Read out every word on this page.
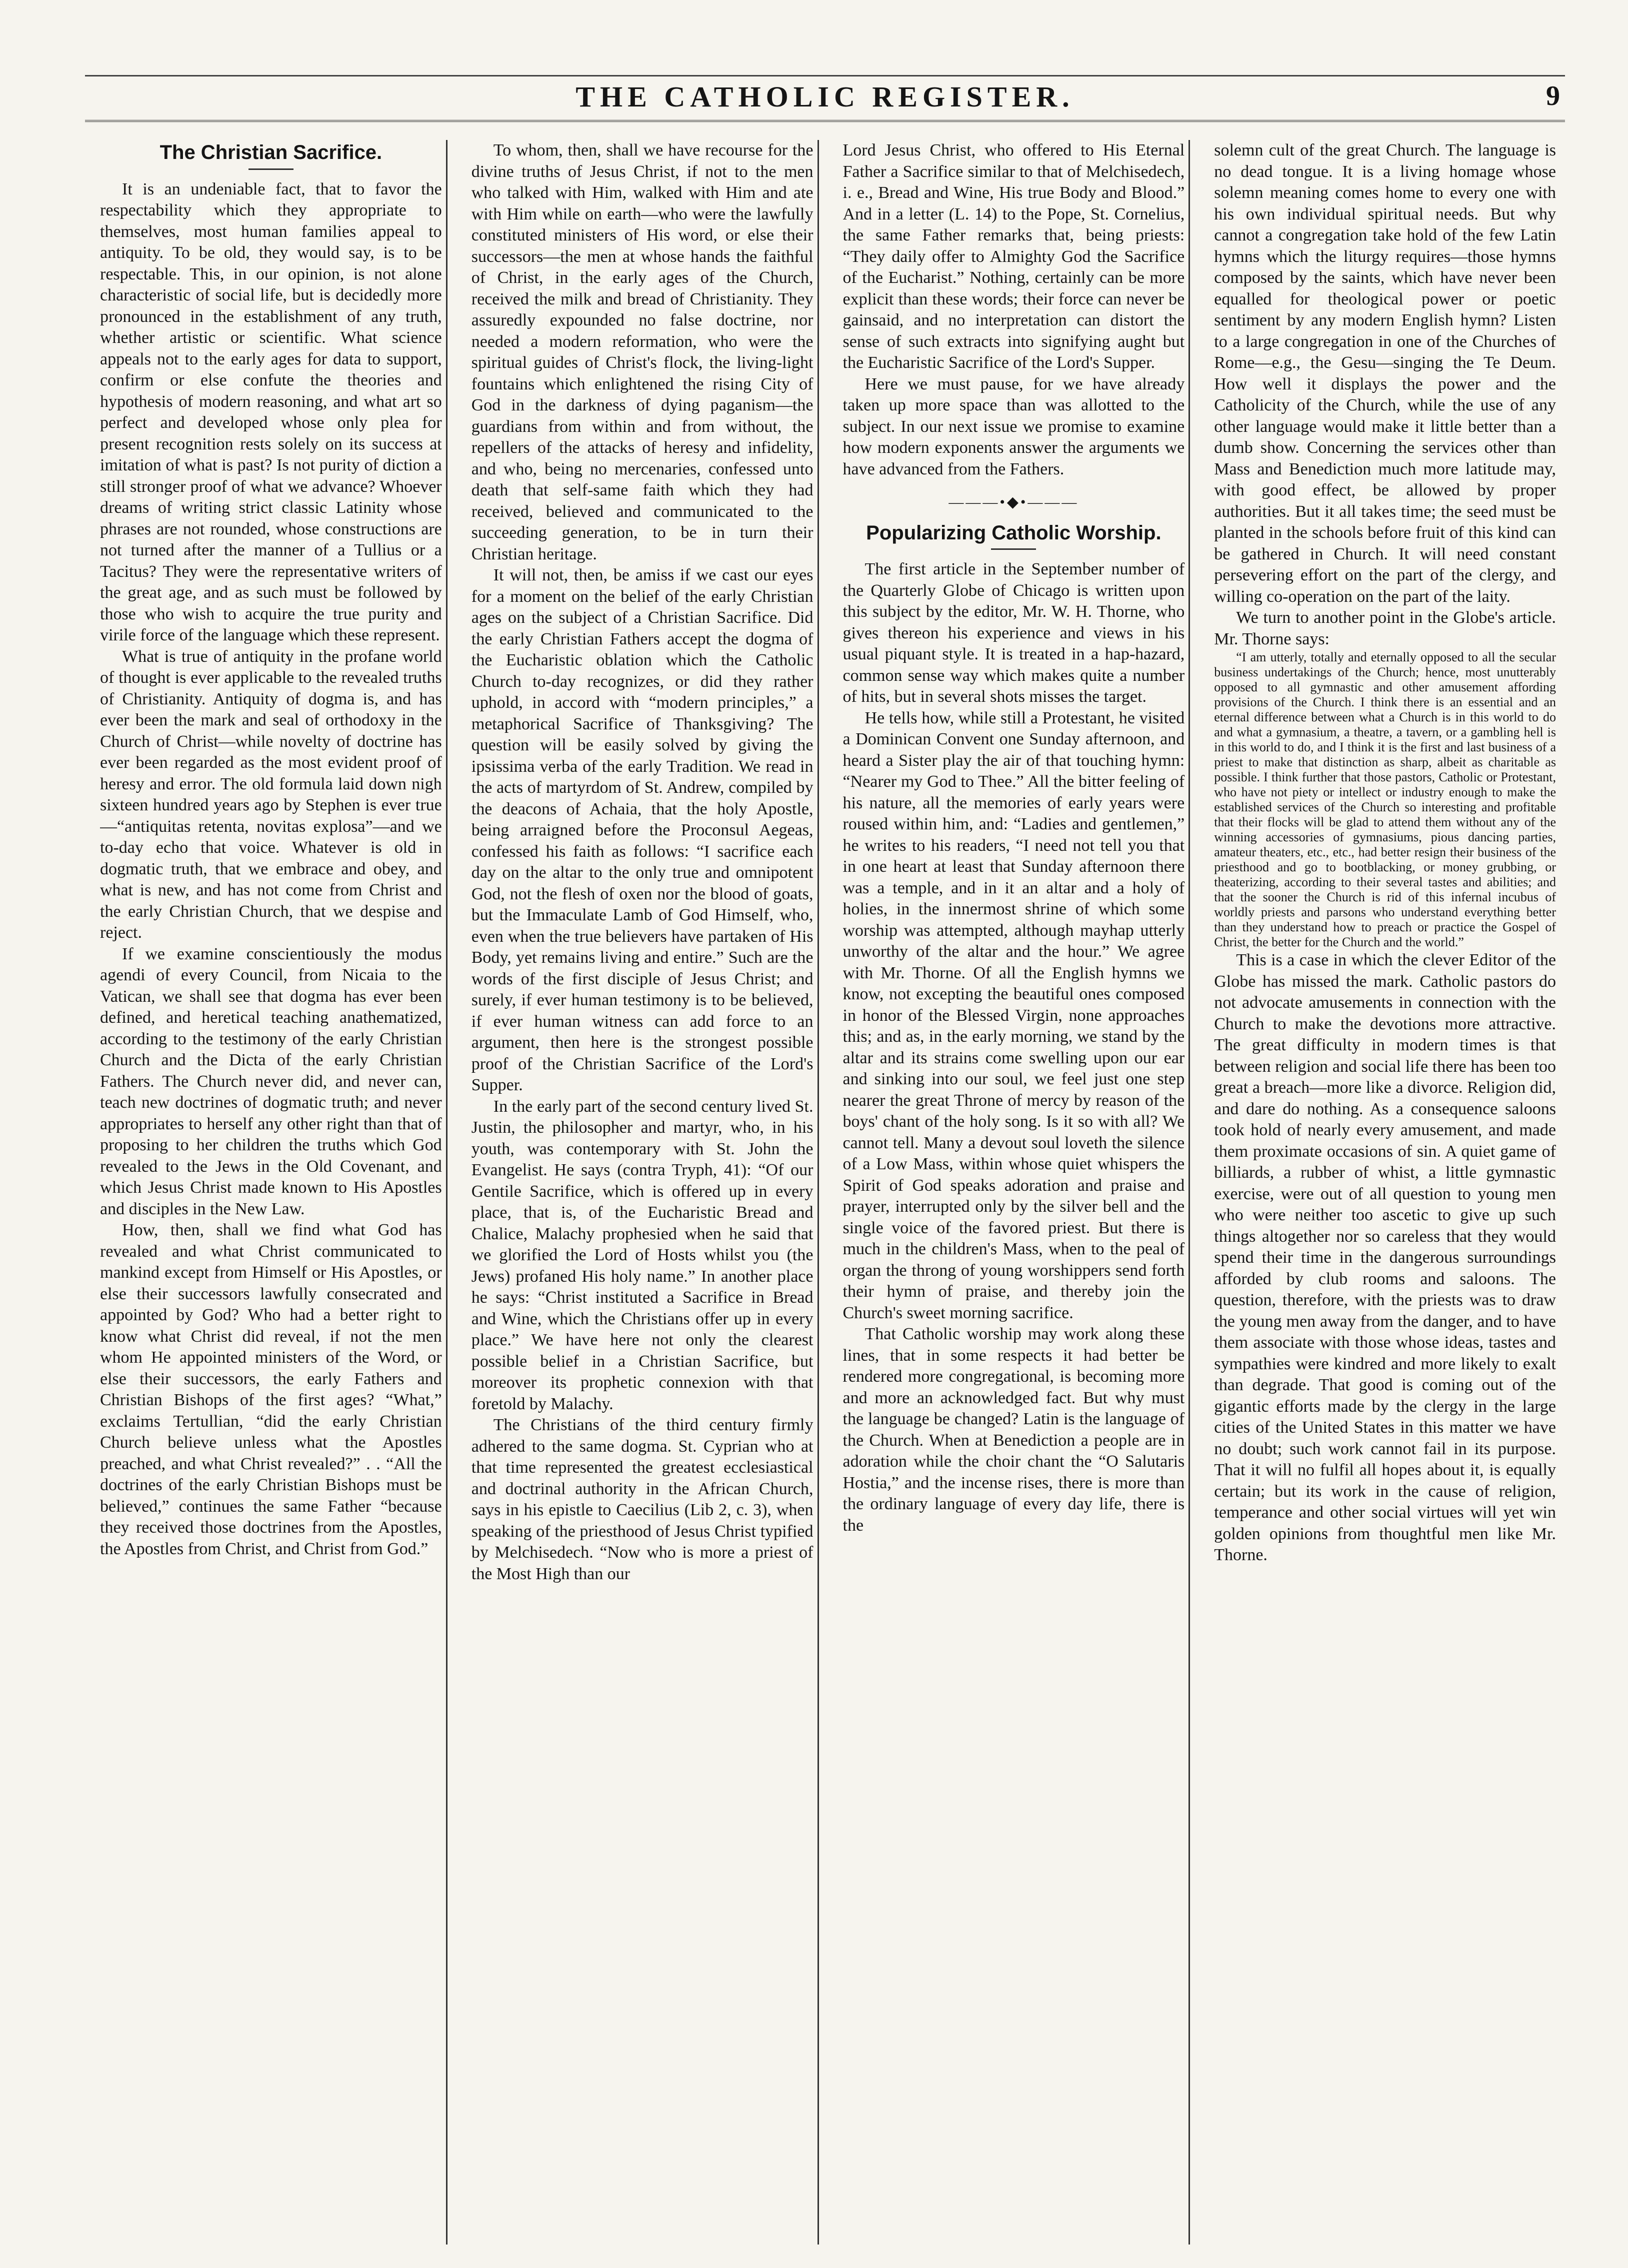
THE CATHOLIC REGISTER.	9
The Christian Sacrifice.

It is an undeniable fact, that to favor the respectability which they appropriate to themselves, most human families appeal to antiquity. To be old, they would say, is to be respectable. This, in our opinion, is not alone characteristic of social life, but is decidedly more pronounced in the establishment of any truth, whether artistic or scientific. What science appeals not to the early ages for data to support, confirm or else confute the theories and hypothesis of modern reasoning, and what art so perfect and developed whose only plea for present recognition rests solely on its success at imitation of what is past? Is not purity of diction a still stronger proof of what we advance? Whoever dreams of writing strict classic Latinity whose phrases are not rounded, whose constructions are not turned after the manner of a Tullius or a Tacitus? They were the representative writers of the great age, and as such must be followed by those who wish to acquire the true purity and virile force of the language which these represent.

What is true of antiquity in the profane world of thought is ever applicable to the revealed truths of Christianity. Antiquity of dogma is, and has ever been the mark and seal of orthodoxy in the Church of Christ—while novelty of doctrine has ever been regarded as the most evident proof of heresy and error. The old formula laid down nigh sixteen hundred years ago by Stephen is ever true—“antiquitas retenta, novitas explosa”—and we to-day echo that voice. Whatever is old in dogmatic truth, that we embrace and obey, and what is new, and has not come from Christ and the early Christian Church, that we despise and reject.

If we examine conscientiously the modus agendi of every Council, from Nicaia to the Vatican, we shall see that dogma has ever been defined, and heretical teaching anathematized, according to the testimony of the early Christian Church and the Dicta of the early Christian Fathers. The Church never did, and never can, teach new doctrines of dogmatic truth; and never appropriates to herself any other right than that of proposing to her children the truths which God revealed to the Jews in the Old Covenant, and which Jesus Christ made known to His Apostles and disciples in the New Law.

How, then, shall we find what God has revealed and what Christ communicated to mankind except from Himself or His Apostles, or else their successors lawfully consecrated and appointed by God? Who had a better right to know what Christ did reveal, if not the men whom He appointed ministers of the Word, or else their successors, the early Fathers and Christian Bishops of the first ages? “What,” exclaims Tertullian, “did the early Christian Church believe unless what the Apostles preached, and what Christ revealed?” . . “All the doctrines of the early Christian Bishops must be believed,” continues the same Father “because they received those doctrines from the Apostles, the Apostles from Christ, and Christ from God.”

To whom, then, shall we have recourse for the divine truths of Jesus Christ, if not to the men who talked with Him, walked with Him and ate with Him while on earth—who were the lawfully constituted ministers of His word, or else their successors—the men at whose hands the faithful of Christ, in the early ages of the Church, received the milk and bread of Christianity. They assuredly expounded no false doctrine, nor needed a modern reformation, who were the spiritual guides of Christ's flock, the living-light fountains which enlightened the rising City of God in the darkness of dying paganism—the guardians from within and from without, the repellers of the attacks of heresy and infidelity, and who, being no mercenaries, confessed unto death that self-same faith which they had received, believed and communicated to the succeeding generation, to be in turn their Christian heritage.

It will not, then, be amiss if we cast our eyes for a moment on the belief of the early Christian ages on the subject of a Christian Sacrifice. Did the early Christian Fathers accept the dogma of the Eucharistic oblation which the Catholic Church to-day recognizes, or did they rather uphold, in accord with “modern principles,” a metaphorical Sacrifice of Thanksgiving? The question will be easily solved by giving the ipsissima verba of the early Tradition. We read in the acts of martyrdom of St. Andrew, compiled by the deacons of Achaia, that the holy Apostle, being arraigned before the Proconsul Aegeas, confessed his faith as follows: “I sacrifice each day on the altar to the only true and omnipotent God, not the flesh of oxen nor the blood of goats, but the Immaculate Lamb of God Himself, who, even when the true believers have partaken of His Body, yet remains living and entire.” Such are the words of the first disciple of Jesus Christ; and surely, if ever human testimony is to be believed, if ever human witness can add force to an argument, then here is the strongest possible proof of the Christian Sacrifice of the Lord's Supper.

In the early part of the second century lived St. Justin, the philosopher and martyr, who, in his youth, was contemporary with St. John the Evangelist. He says (contra Tryph, 41): “Of our Gentile Sacrifice, which is offered up in every place, that is, of the Eucharistic Bread and Chalice, Malachy prophesied when he said that we glorified the Lord of Hosts whilst you (the Jews) profaned His holy name.” In another place he says: “Christ instituted a Sacrifice in Bread and Wine, which the Christians offer up in every place.” We have here not only the clearest possible belief in a Christian Sacrifice, but moreover its prophetic connexion with that foretold by Malachy.

The Christians of the third century firmly adhered to the same dogma. St. Cyprian who at that time represented the greatest ecclesiastical and doctrinal authority in the African Church, says in his epistle to Caecilius (Lib 2, c. 3), when speaking of the priesthood of Jesus Christ typified by Melchisedech. “Now who is more a priest of the Most High than our

Lord Jesus Christ, who offered to His Eternal Father a Sacrifice similar to that of Melchisedech, i. e., Bread and Wine, His true Body and Blood.” And in a letter (L. 14) to the Pope, St. Cornelius, the same Father remarks that, being priests: “They daily offer to Almighty God the Sacrifice of the Eucharist.” Nothing, certainly can be more explicit than these words; their force can never be gainsaid, and no interpretation can distort the sense of such extracts into signifying aught but the Eucharistic Sacrifice of the Lord's Supper.

Here we must pause, for we have already taken up more space than was allotted to the subject. In our next issue we promise to examine how modern exponents answer the arguments we have advanced from the Fathers.

———•◆•———
Popularizing Catholic Worship.

The first article in the September number of the Quarterly Globe of Chicago is written upon this subject by the editor, Mr. W. H. Thorne, who gives thereon his experience and views in his usual piquant style. It is treated in a hap-hazard, common sense way which makes quite a number of hits, but in several shots misses the target.

He tells how, while still a Protestant, he visited a Dominican Convent one Sunday afternoon, and heard a Sister play the air of that touching hymn: “Nearer my God to Thee.” All the bitter feeling of his nature, all the memories of early years were roused within him, and: “Ladies and gentlemen,” he writes to his readers, “I need not tell you that in one heart at least that Sunday afternoon there was a temple, and in it an altar and a holy of holies, in the innermost shrine of which some worship was attempted, although mayhap utterly unworthy of the altar and the hour.” We agree with Mr. Thorne. Of all the English hymns we know, not excepting the beautiful ones composed in honor of the Blessed Virgin, none approaches this; and as, in the early morning, we stand by the altar and its strains come swelling upon our ear and sinking into our soul, we feel just one step nearer the great Throne of mercy by reason of the boys' chant of the holy song. Is it so with all? We cannot tell. Many a devout soul loveth the silence of a Low Mass, within whose quiet whispers the Spirit of God speaks adoration and praise and prayer, interrupted only by the silver bell and the single voice of the favored priest. But there is much in the children's Mass, when to the peal of organ the throng of young worshippers send forth their hymn of praise, and thereby join the Church's sweet morning sacrifice.

That Catholic worship may work along these lines, that in some respects it had better be rendered more congregational, is becoming more and more an acknowledged fact. But why must the language be changed? Latin is the language of the Church. When at Benediction a people are in adoration while the choir chant the “O Salutaris Hostia,” and the incense rises, there is more than the ordinary language of every day life, there is the

solemn cult of the great Church. The language is no dead tongue. It is a living homage whose solemn meaning comes home to every one with his own individual spiritual needs. But why cannot a congregation take hold of the few Latin hymns which the liturgy requires—those hymns composed by the saints, which have never been equalled for theological power or poetic sentiment by any modern English hymn? Listen to a large congregation in one of the Churches of Rome—e.g., the Gesu—singing the Te Deum. How well it displays the power and the Catholicity of the Church, while the use of any other language would make it little better than a dumb show. Concerning the services other than Mass and Benediction much more latitude may, with good effect, be allowed by proper authorities. But it all takes time; the seed must be planted in the schools before fruit of this kind can be gathered in Church. It will need constant persevering effort on the part of the clergy, and willing co-operation on the part of the laity.

We turn to another point in the Globe's article. Mr. Thorne says:

“I am utterly, totally and eternally opposed to all the secular business undertakings of the Church; hence, most unutterably opposed to all gymnastic and other amusement affording provisions of the Church. I think there is an essential and an eternal difference between what a Church is in this world to do and what a gymnasium, a theatre, a tavern, or a gambling hell is in this world to do, and I think it is the first and last business of a priest to make that distinction as sharp, albeit as charitable as possible. I think further that those pastors, Catholic or Protestant, who have not piety or intellect or industry enough to make the established services of the Church so interesting and profitable that their flocks will be glad to attend them without any of the winning accessories of gymnasiums, pious dancing parties, amateur theaters, etc., etc., had better resign their business of the priesthood and go to bootblacking, or money grubbing, or theaterizing, according to their several tastes and abilities; and that the sooner the Church is rid of this infernal incubus of worldly priests and parsons who understand everything better than they understand how to preach or practice the Gospel of Christ, the better for the Church and the world.”

This is a case in which the clever Editor of the Globe has missed the mark. Catholic pastors do not advocate amusements in connection with the Church to make the devotions more attractive. The great difficulty in modern times is that between religion and social life there has been too great a breach—more like a divorce. Religion did, and dare do nothing. As a consequence saloons took hold of nearly every amusement, and made them proximate occasions of sin. A quiet game of billiards, a rubber of whist, a little gymnastic exercise, were out of all question to young men who were neither too ascetic to give up such things altogether nor so careless that they would spend their time in the dangerous surroundings afforded by club rooms and saloons. The question, therefore, with the priests was to draw the young men away from the danger, and to have them associate with those whose ideas, tastes and sympathies were kindred and more likely to exalt than degrade. That good is coming out of the gigantic efforts made by the clergy in the large cities of the United States in this matter we have no doubt; such work cannot fail in its purpose. That it will no fulfil all hopes about it, is equally certain; but its work in the cause of religion, temperance and other social virtues will yet win golden opinions from thoughtful men like Mr. Thorne.
